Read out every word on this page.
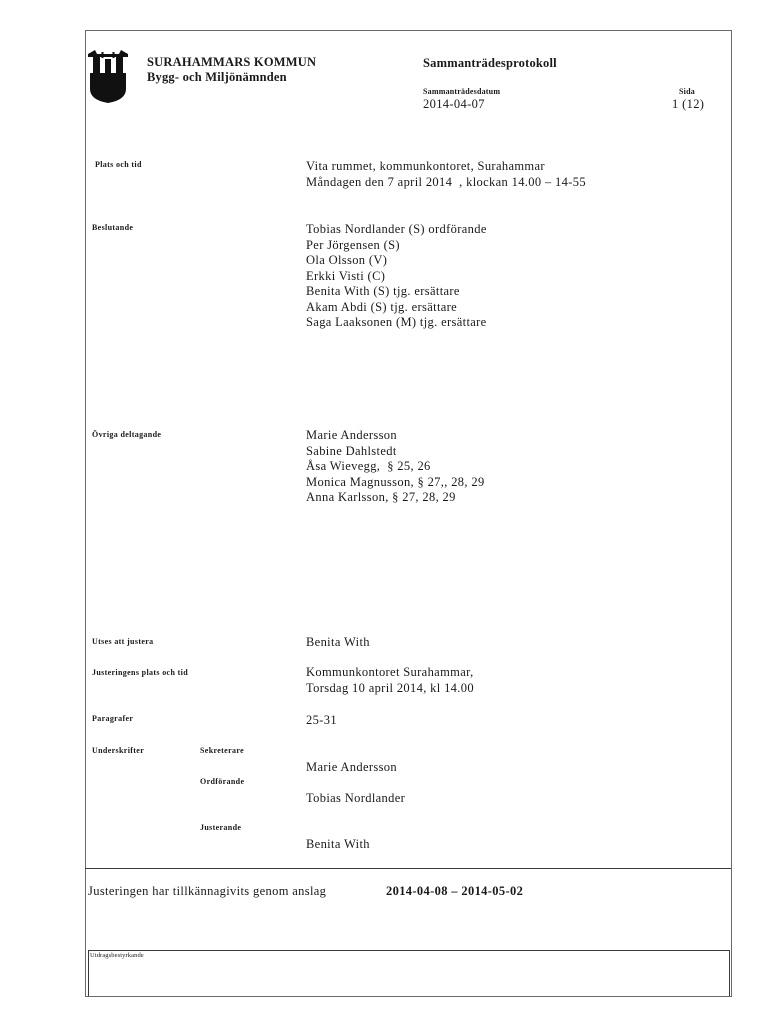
SURAHAMMARS KOMMUN
Bygg- och Miljönämnden
Sammanträdesprotokoll
Sammanträdesdatum	Sida
2014-04-07	1 (12)
Plats och tid	Vita rummet, kommunkontoret, Surahammar
Måndagen den 7 april 2014  , klockan 14.00 – 14-55
Beslutande	Tobias Nordlander (S) ordförande
Per Jörgensen (S)
Ola Olsson (V)
Erkki Visti (C)
Benita With (S) tjg. ersättare
Akam Abdi (S) tjg. ersättare
Saga Laaksonen (M) tjg. ersättare
Övriga deltagande	Marie Andersson
Sabine Dahlstedt
Åsa Wievegg,  § 25, 26
Monica Magnusson, § 27,, 28, 29
Anna Karlsson, § 27, 28, 29
Utses att justera	Benita With
Justeringens plats och tid	Kommunkontoret Surahammar,
Torsdag 10 april 2014, kl 14.00
Paragrafer	25-31
Underskrifter	Sekreterare
Marie Andersson
Ordförande
Tobias Nordlander
Justerande
Benita With
Justeringen har tillkännagivits genom anslag	2014-04-08 – 2014-05-02
Utdragsbestyrkande
